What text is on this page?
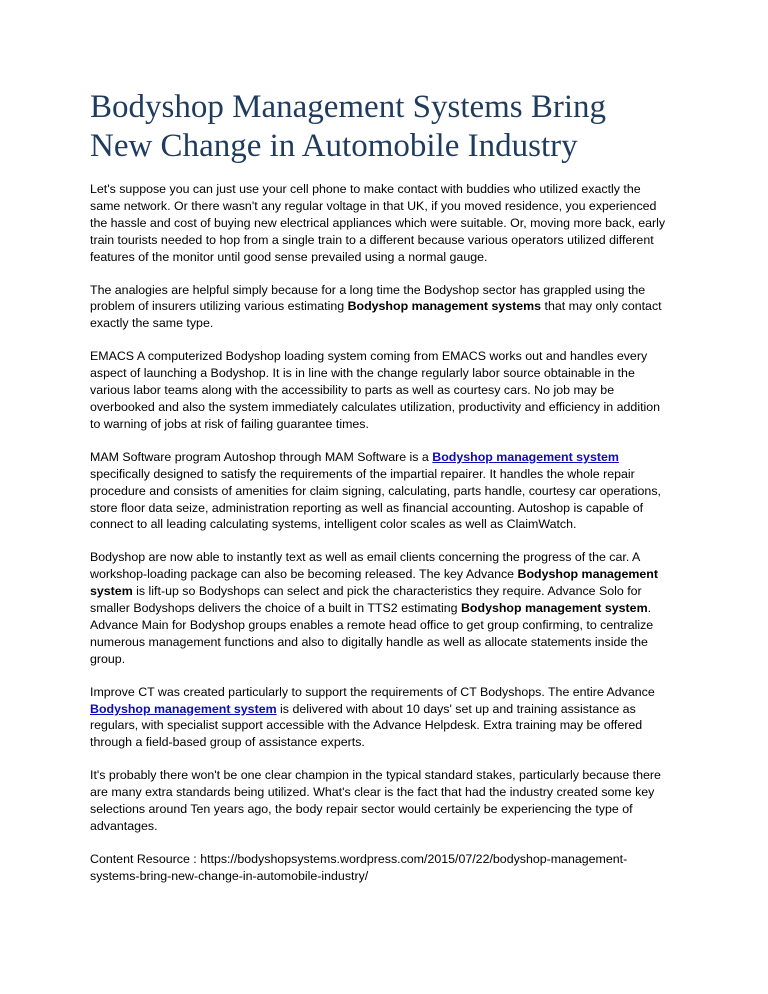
Bodyshop Management Systems Bring
New Change in Automobile Industry

Let's suppose you can just use your cell phone to make contact with buddies who utilized exactly the same network. Or there wasn't any regular voltage in that UK, if you moved residence, you experienced the hassle and cost of buying new electrical appliances which were suitable. Or, moving more back, early train tourists needed to hop from a single train to a different because various operators utilized different features of the monitor until good sense prevailed using a normal gauge.

The analogies are helpful simply because for a long time the Bodyshop sector has grappled using the problem of insurers utilizing various estimating Bodyshop management systems that may only contact exactly the same type.

EMACS A computerized Bodyshop loading system coming from EMACS works out and handles every aspect of launching a Bodyshop. It is in line with the change regularly labor source obtainable in the various labor teams along with the accessibility to parts as well as courtesy cars. No job may be overbooked and also the system immediately calculates utilization, productivity and efficiency in addition to warning of jobs at risk of failing guarantee times.

MAM Software program Autoshop through MAM Software is a Bodyshop management system specifically designed to satisfy the requirements of the impartial repairer. It handles the whole repair procedure and consists of amenities for claim signing, calculating, parts handle, courtesy car operations, store floor data seize, administration reporting as well as financial accounting. Autoshop is capable of connect to all leading calculating systems, intelligent color scales as well as ClaimWatch.

Bodyshop are now able to instantly text as well as email clients concerning the progress of the car. A workshop-loading package can also be becoming released. The key Advance Bodyshop management system is lift-up so Bodyshops can select and pick the characteristics they require. Advance Solo for smaller Bodyshops delivers the choice of a built in TTS2 estimating Bodyshop management system. Advance Main for Bodyshop groups enables a remote head office to get group confirming, to centralize numerous management functions and also to digitally handle as well as allocate statements inside the group.

Improve CT was created particularly to support the requirements of CT Bodyshops. The entire Advance Bodyshop management system is delivered with about 10 days' set up and training assistance as regulars, with specialist support accessible with the Advance Helpdesk. Extra training may be offered through a field-based group of assistance experts.

It's probably there won't be one clear champion in the typical standard stakes, particularly because there are many extra standards being utilized. What's clear is the fact that had the industry created some key selections around Ten years ago, the body repair sector would certainly be experiencing the type of advantages.

Content Resource : https://bodyshopsystems.wordpress.com/2015/07/22/bodyshop-management-
systems-bring-new-change-in-automobile-industry/
